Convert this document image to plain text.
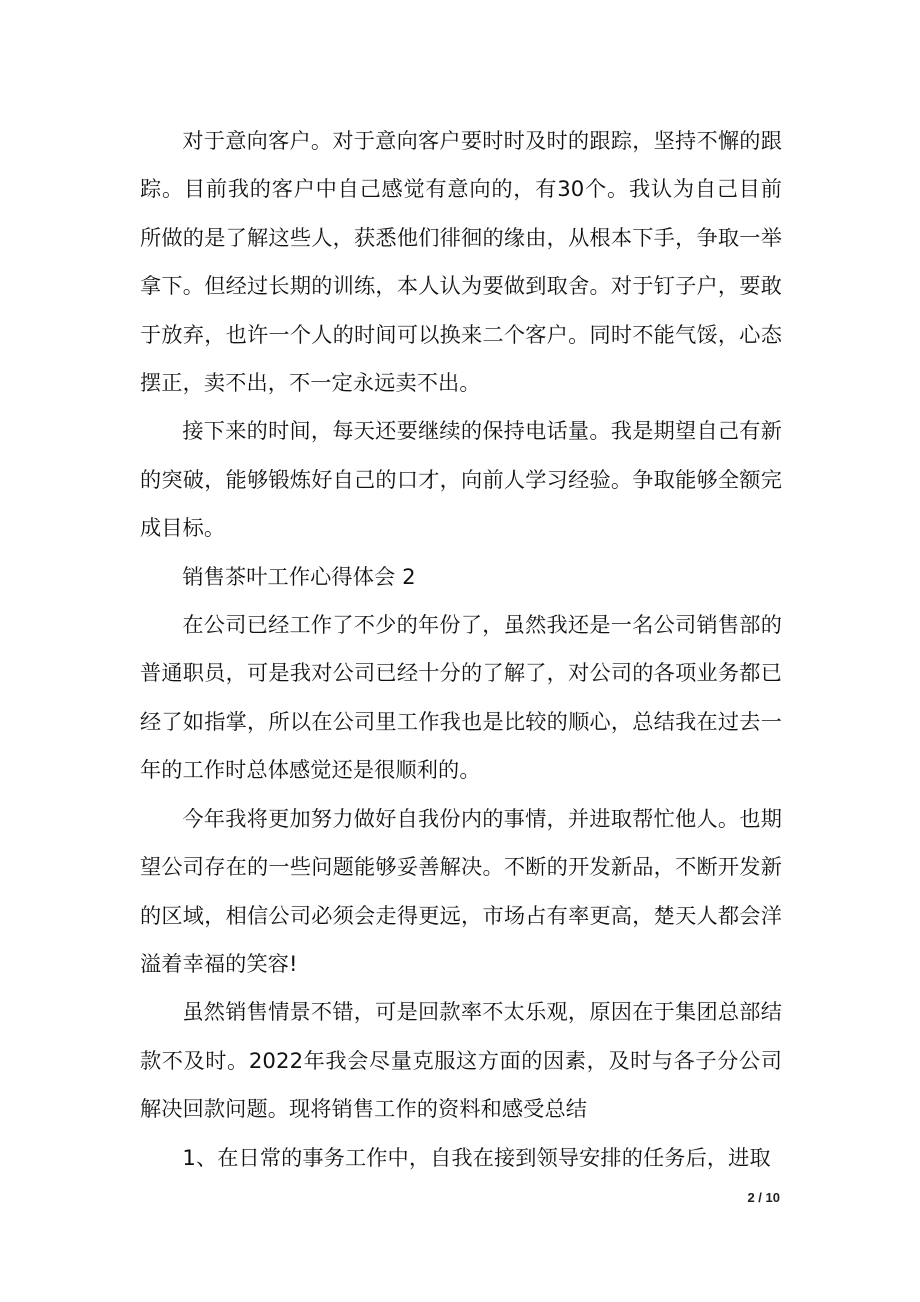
对于意向客户。对于意向客户要时时及时的跟踪，坚持不懈的跟踪。目前我的客户中自己感觉有意向的，有30个。我认为自己目前所做的是了解这些人，获悉他们徘徊的缘由，从根本下手，争取一举拿下。但经过长期的训练，本人认为要做到取舍。对于钉子户，要敢于放弃，也许一个人的时间可以换来二个客户。同时不能气馁，心态摆正，卖不出，不一定永远卖不出。

接下来的时间，每天还要继续的保持电话量。我是期望自己有新的突破，能够锻炼好自己的口才，向前人学习经验。争取能够全额完成目标。

销售茶叶工作心得体会 2

在公司已经工作了不少的年份了，虽然我还是一名公司销售部的普通职员，可是我对公司已经十分的了解了，对公司的各项业务都已经了如指掌，所以在公司里工作我也是比较的顺心，总结我在过去一年的工作时总体感觉还是很顺利的。

今年我将更加努力做好自我份内的事情，并进取帮忙他人。也期望公司存在的一些问题能够妥善解决。不断的开发新品，不断开发新的区域，相信公司必须会走得更远，市场占有率更高，楚天人都会洋溢着幸福的笑容!

虽然销售情景不错，可是回款率不太乐观，原因在于集团总部结款不及时。2022年我会尽量克服这方面的因素，及时与各子分公司解决回款问题。现将销售工作的资料和感受总结

1、在日常的事务工作中，自我在接到领导安排的任务后，进取

2 / 10
